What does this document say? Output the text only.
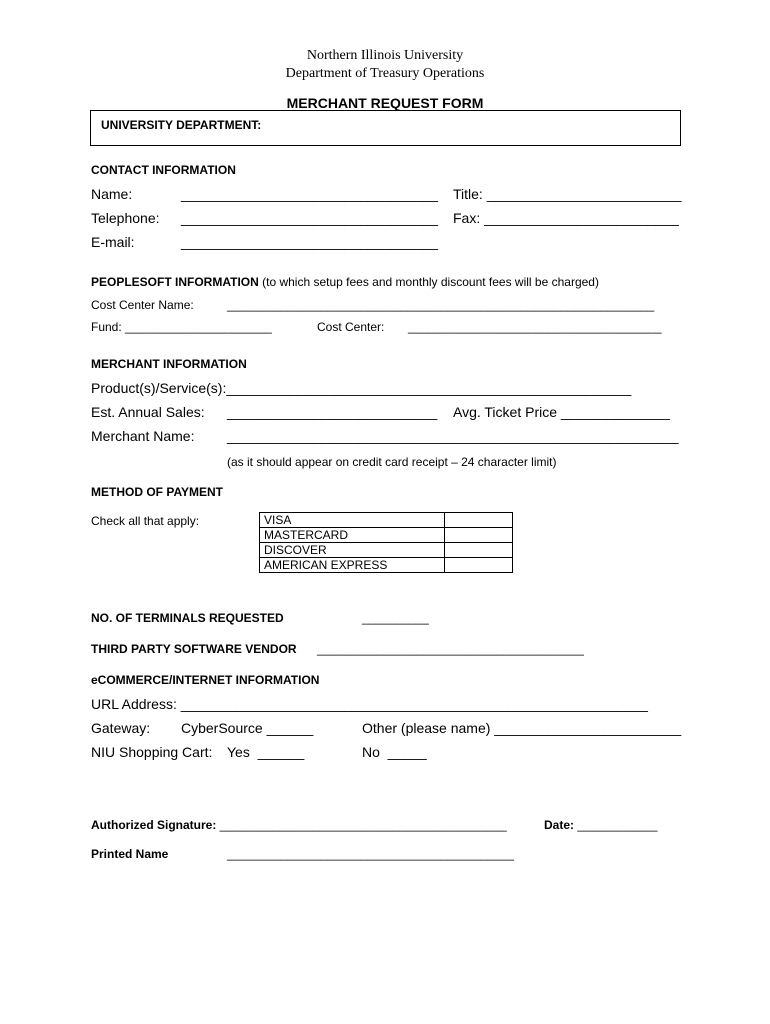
Northern Illinois University
Department of Treasury Operations
MERCHANT REQUEST FORM
UNIVERSITY DEPARTMENT:
CONTACT INFORMATION
Name:	_________________________________ Title: _________________________
Telephone: _________________________________ Fax: _________________________
E-mail:	_________________________________
PEOPLESOFT INFORMATION (to which setup fees and monthly discount fees will be charged)
Cost Center Name:	________________________________________________________________
Fund: ______________________	Cost Center: ______________________________________
MERCHANT INFORMATION
Product(s)/Service(s):____________________________________________________
Est. Annual Sales: ___________________________ Avg. Ticket Price ______________
Merchant Name: __________________________________________________________
(as it should appear on credit card receipt – 24 character limit)
METHOD OF PAYMENT
Check all that apply:	VISA	
MASTERCARD	
DISCOVER	
AMERICAN EXPRESS	
NO. OF TERMINALS REQUESTED	__________
THIRD PARTY SOFTWARE VENDOR ________________________________________
eCOMMERCE/INTERNET INFORMATION
URL Address: ____________________________________________________________
Gateway: CyberSource ______	Other (please name) ________________________
NIU Shopping Cart: Yes  ______	No  _____
Authorized Signature: ___________________________________________	Date: ____________
Printed Name	___________________________________________
